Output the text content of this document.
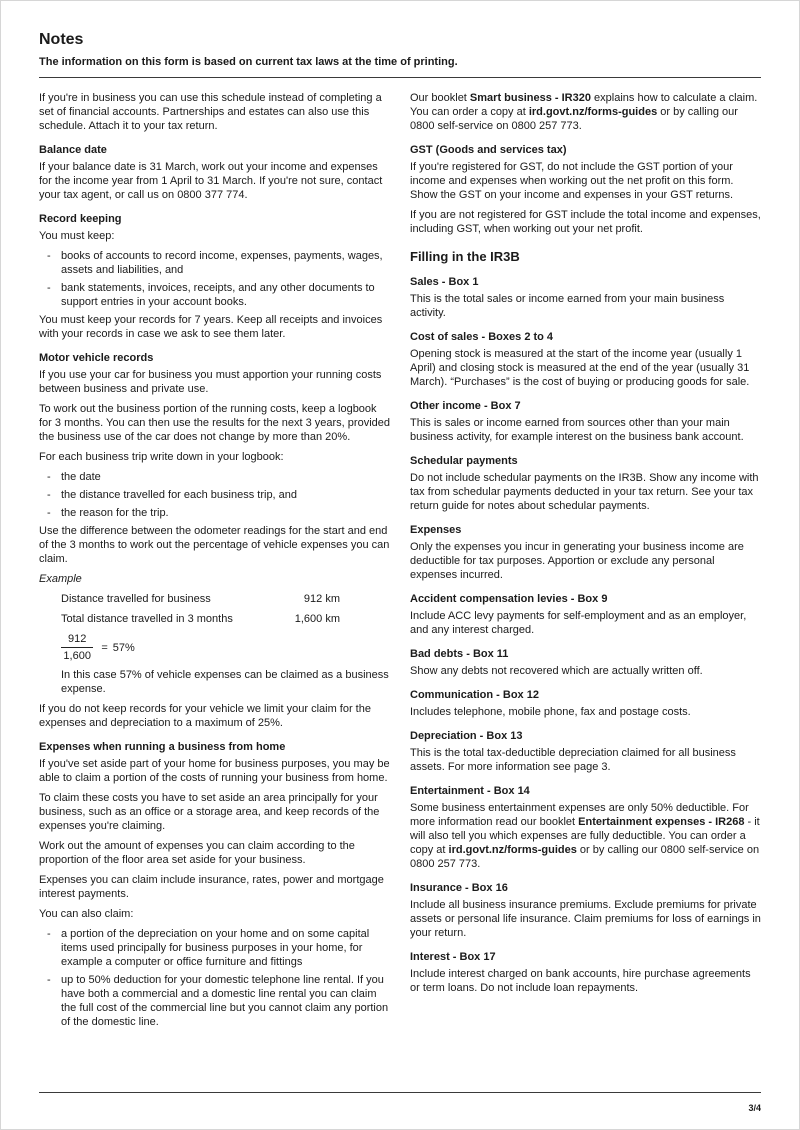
Notes

The information on this form is based on current tax laws at the time of printing.

If you're in business you can use this schedule instead of completing a set of financial accounts. Partnerships and estates can also use this schedule. Attach it to your tax return.

Balance date

If your balance date is 31 March, work out your income and expenses for the income year from 1 April to 31 March. If you're not sure, contact your tax agent, or call us on 0800 377 774.

Record keeping

You must keep:

- books of accounts to record income, expenses, payments, wages, assets and liabilities, and
- bank statements, invoices, receipts, and any other documents to support entries in your account books.

You must keep your records for 7 years. Keep all receipts and invoices with your records in case we ask to see them later.

Motor vehicle records

If you use your car for business you must apportion your running costs between business and private use.

To work out the business portion of the running costs, keep a logbook for 3 months. You can then use the results for the next 3 years, provided the business use of the car does not change by more than 20%.

For each business trip write down in your logbook:

- the date
- the distance travelled for each business trip, and
- the reason for the trip.

Use the difference between the odometer readings for the start and end of the 3 months to work out the percentage of vehicle expenses you can claim.

Example

Distance travelled for business	912 km
Total distance travelled in 3 months	1,600 km
$\frac{912}{1,600} = 57\%$

In this case 57% of vehicle expenses can be claimed as a business expense.

If you do not keep records for your vehicle we limit your claim for the expenses and depreciation to a maximum of 25%.

Expenses when running a business from home

If you've set aside part of your home for business purposes, you may be able to claim a portion of the costs of running your business from home.

To claim these costs you have to set aside an area principally for your business, such as an office or a storage area, and keep records of the expenses you're claiming.

Work out the amount of expenses you can claim according to the proportion of the floor area set aside for your business.

Expenses you can claim include insurance, rates, power and mortgage interest payments.

You can also claim:

- a portion of the depreciation on your home and on some capital items used principally for business purposes in your home, for example a computer or office furniture and fittings
- up to 50% deduction for your domestic telephone line rental. If you have both a commercial and a domestic line rental you can claim the full cost of the commercial line but you cannot claim any portion of the domestic line.

Our booklet Smart business - IR320 explains how to calculate a claim. You can order a copy at ird.govt.nz/forms-guides or by calling our 0800 self-service on 0800 257 773.

GST (Goods and services tax)

If you're registered for GST, do not include the GST portion of your income and expenses when working out the net profit on this form. Show the GST on your income and expenses in your GST returns.

If you are not registered for GST include the total income and expenses, including GST, when working out your net profit.

Filling in the IR3B
Sales - Box 1

This is the total sales or income earned from your main business activity.

Cost of sales - Boxes 2 to 4

Opening stock is measured at the start of the income year (usually 1 April) and closing stock is measured at the end of the year (usually 31 March). “Purchases” is the cost of buying or producing goods for sale.

Other income - Box 7

This is sales or income earned from sources other than your main business activity, for example interest on the business bank account.

Schedular payments

Do not include schedular payments on the IR3B. Show any income with tax from schedular payments deducted in your tax return. See your tax return guide for notes about schedular payments.

Expenses

Only the expenses you incur in generating your business income are deductible for tax purposes. Apportion or exclude any personal expenses incurred.

Accident compensation levies - Box 9

Include ACC levy payments for self-employment and as an employer, and any interest charged.

Bad debts - Box 11

Show any debts not recovered which are actually written off.

Communication - Box 12

Includes telephone, mobile phone, fax and postage costs.

Depreciation - Box 13

This is the total tax-deductible depreciation claimed for all business assets. For more information see page 3.

Entertainment - Box 14

Some business entertainment expenses are only 50% deductible. For more information read our booklet Entertainment expenses - IR268 - it will also tell you which expenses are fully deductible. You can order a copy at ird.govt.nz/forms-guides or by calling our 0800 self-service on 0800 257 773.

Insurance - Box 16

Include all business insurance premiums. Exclude premiums for private assets or personal life insurance. Claim premiums for loss of earnings in your return.

Interest - Box 17

Include interest charged on bank accounts, hire purchase agreements or term loans. Do not include loan repayments.

3/4
